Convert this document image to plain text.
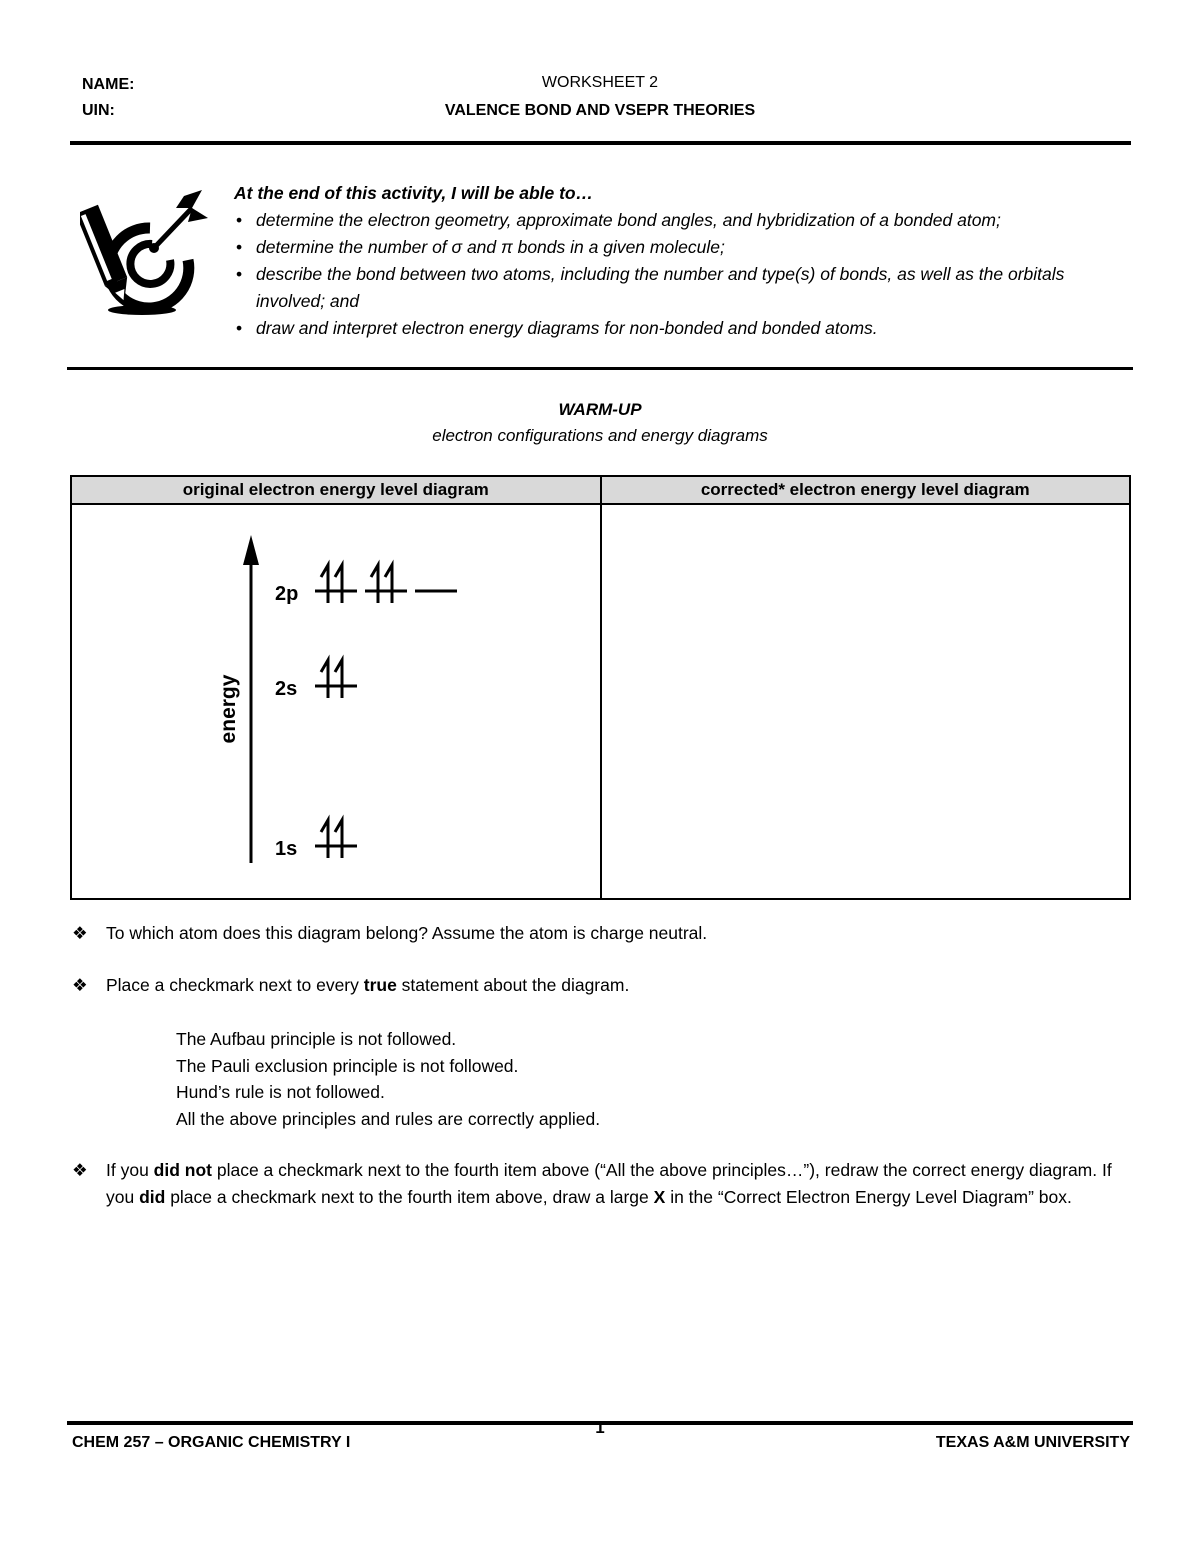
NAME:
UIN:
WORKSHEET 2
VALENCE BOND AND VSEPR THEORIES
At the end of this activity, I will be able to…
• determine the electron geometry, approximate bond angles, and hybridization of a bonded atom;
• determine the number of σ and π bonds in a given molecule;
• describe the bond between two atoms, including the number and type(s) of bonds, as well as the orbitals involved; and
• draw and interpret electron energy diagrams for non-bonded and bonded atoms.
WARM-UP
electron configurations and energy diagrams
original electron energy level diagram	corrected* electron energy level diagram

energy
2p
2s
1s	

❖ To which atom does this diagram belong? Assume the atom is charge neutral.
❖ Place a checkmark next to every true statement about the diagram.
The Aufbau principle is not followed.
The Pauli exclusion principle is not followed.
Hund’s rule is not followed.
All the above principles and rules are correctly applied.
❖ If you did not place a checkmark next to the fourth item above (“All the above principles…”), redraw the correct energy diagram. If you did place a checkmark next to the fourth item above, draw a large X in the “Correct Electron Energy Level Diagram” box.
1
CHEM 257 – ORGANIC CHEMISTRY I	TEXAS A&M UNIVERSITY
